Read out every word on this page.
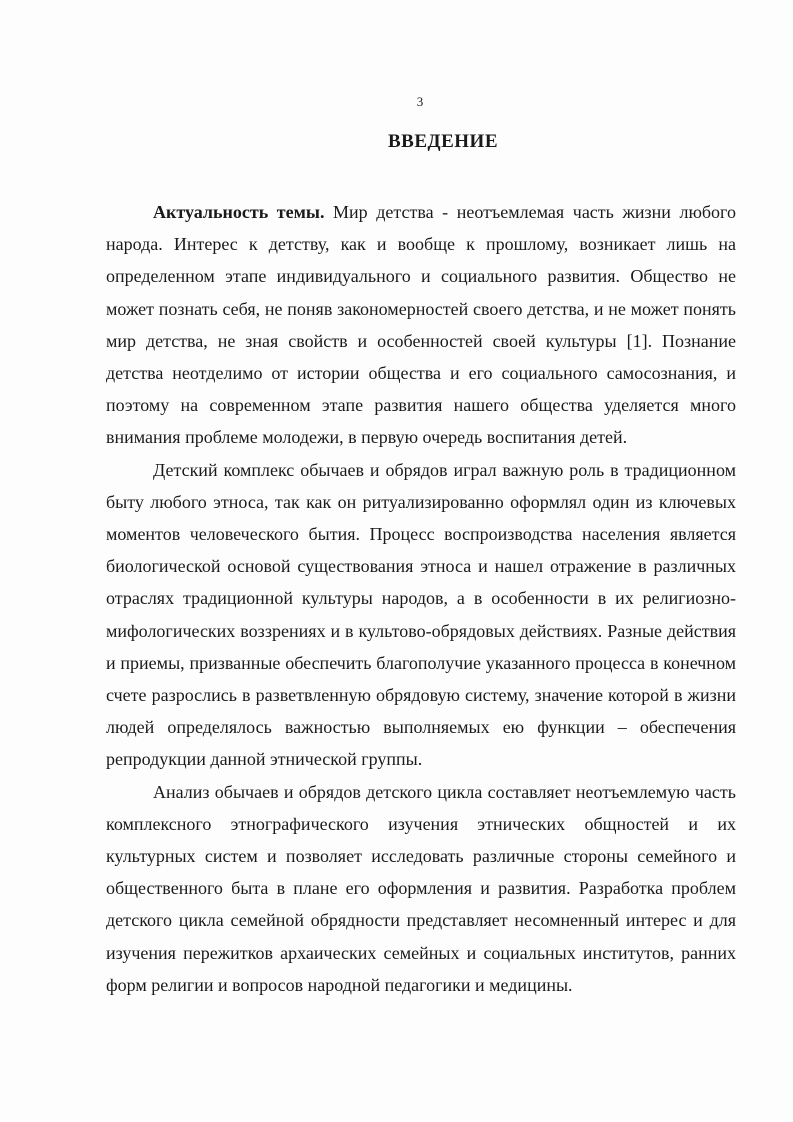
3
ВВЕДЕНИЕ

Актуальность темы. Мир детства - неотъемлемая часть жизни любого народа. Интерес к детству, как и вообще к прошлому, возникает лишь на определенном этапе индивидуального и социального развития. Общество не может познать себя, не поняв закономерностей своего детства, и не может понять мир детства, не зная свойств и особенностей своей культуры [1]. Познание детства неотделимо от истории общества и его социального самосознания, и поэтому на современном этапе развития нашего общества уделяется много внимания проблеме молодежи, в первую очередь воспитания детей.

Детский комплекс обычаев и обрядов играл важную роль в традиционном быту любого этноса, так как он ритуализированно оформлял один из ключевых моментов человеческого бытия. Процесс воспроизводства населения является биологической основой существования этноса и нашел отражение в различных отраслях традиционной культуры народов, а в особенности в их религиозно-мифологических воззрениях и в культово-обрядовых действиях. Разные действия и приемы, призванные обеспечить благополучие указанного процесса в конечном счете разрослись в разветвленную обрядовую систему, значение которой в жизни людей определялось важностью выполняемых ею функции – обеспечения репродукции данной этнической группы.

Анализ обычаев и обрядов детского цикла составляет неотъемлемую часть комплексного этнографического изучения этнических общностей и их культурных систем и позволяет исследовать различные стороны семейного и общественного быта в плане его оформления и развития. Разработка проблем детского цикла семейной обрядности представляет несомненный интерес и для изучения пережитков архаических семейных и социальных институтов, ранних форм религии и вопросов народной педагогики и медицины.
